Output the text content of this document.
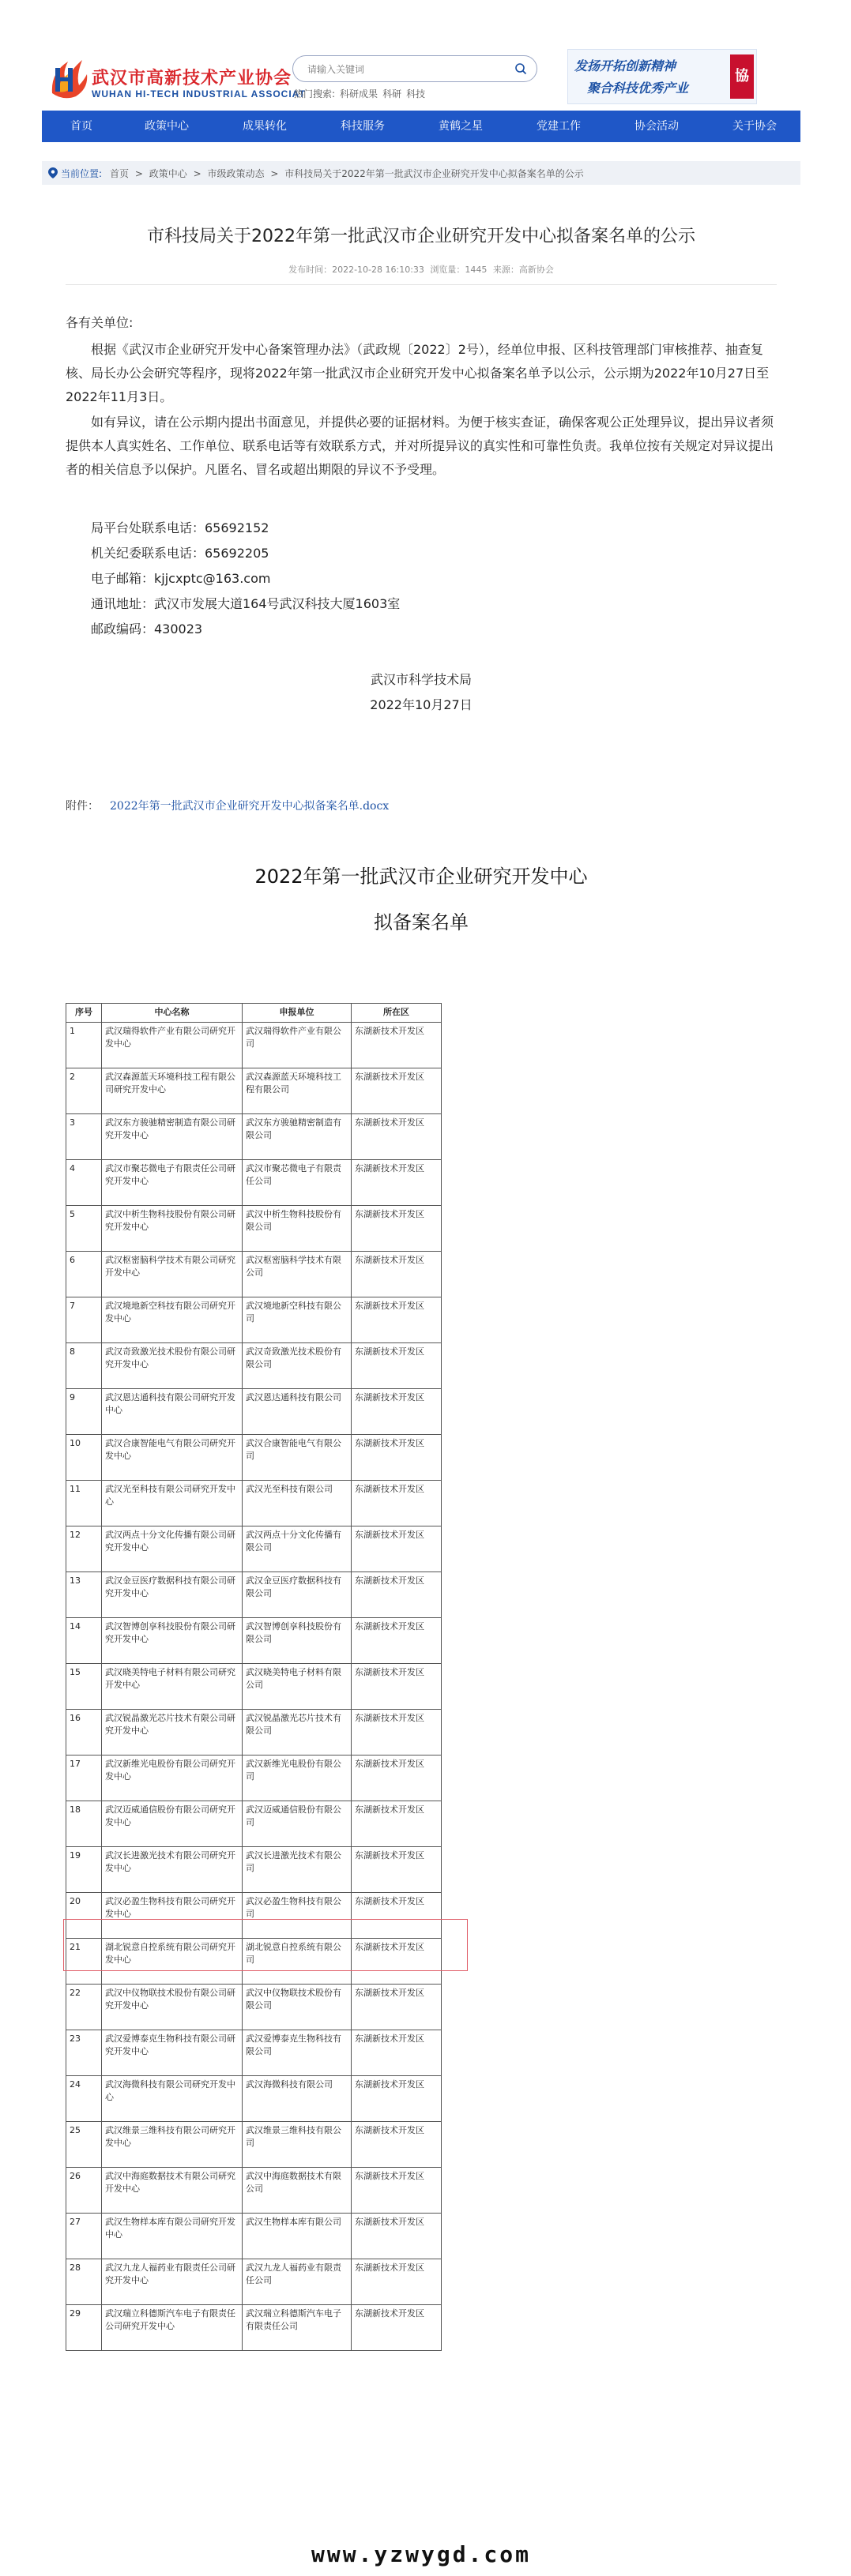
武汉市高新技术产业协会
WUHAN HI-TECH INDUSTRIAL ASSOCIAT
请输入关键词
热门搜索: 科研成果 科研 科技
发扬开拓创新精神
聚合科技优秀产业
協
首页	政策中心	成果转化	科技服务	黄鹤之星	党建工作	协会活动	关于协会
当前位置: 首页 > 政策中心 > 市级政策动态 > 市科技局关于2022年第一批武汉市企业研究开发中心拟备案名单的公示
市科技局关于2022年第一批武汉市企业研究开发中心拟备案名单的公示
发布时间：2022-10-28 16:10:33 浏览量：1445 来源：高新协会
各有关单位:
根据《武汉市企业研究开发中心备案管理办法》（武政规〔2022〕2号），经单位申报、区科技管理部门审核推荐、抽查复核、局长办公会研究等程序，现将2022年第一批武汉市企业研究开发中心拟备案名单予以公示，公示期为2022年10月27日至2022年11月3日。
如有异议，请在公示期内提出书面意见，并提供必要的证据材料。为便于核实查证，确保客观公正处理异议，提出异议者须提供本人真实姓名、工作单位、联系电话等有效联系方式，并对所提异议的真实性和可靠性负责。我单位按有关规定对异议提出者的相关信息予以保护。凡匿名、冒名或超出期限的异议不予受理。
局平台处联系电话：65692152
机关纪委联系电话：65692205
电子邮箱：kjjcxptc@163.com
通讯地址：武汉市发展大道164号武汉科技大厦1603室
邮政编码：430023
武汉市科学技术局
2022年10月27日
附件： 2022年第一批武汉市企业研究开发中心拟备案名单.docx
2022年第一批武汉市企业研究开发中心
拟备案名单
序号	中心名称	申报单位	所在区
1	武汉瑞得软件产业有限公司研究开发中心	武汉瑞得软件产业有限公司	东湖新技术开发区
2	武汉森源蓝天环境科技工程有限公司研究开发中心	武汉森源蓝天环境科技工程有限公司	东湖新技术开发区
3	武汉东方骏驰精密制造有限公司研究开发中心	武汉东方骏驰精密制造有限公司	东湖新技术开发区
4	武汉市聚芯微电子有限责任公司研究开发中心	武汉市聚芯微电子有限责任公司	东湖新技术开发区
5	武汉中析生物科技股份有限公司研究开发中心	武汉中析生物科技股份有限公司	东湖新技术开发区
6	武汉枢密脑科学技术有限公司研究开发中心	武汉枢密脑科学技术有限公司	东湖新技术开发区
7	武汉境地新空科技有限公司研究开发中心	武汉境地新空科技有限公司	东湖新技术开发区
8	武汉奇致激光技术股份有限公司研究开发中心	武汉奇致激光技术股份有限公司	东湖新技术开发区
9	武汉恩达通科技有限公司研究开发中心	武汉恩达通科技有限公司	东湖新技术开发区
10	武汉合康智能电气有限公司研究开发中心	武汉合康智能电气有限公司	东湖新技术开发区
11	武汉光至科技有限公司研究开发中心	武汉光至科技有限公司	东湖新技术开发区
12	武汉两点十分文化传播有限公司研究开发中心	武汉两点十分文化传播有限公司	东湖新技术开发区
13	武汉金豆医疗数据科技有限公司研究开发中心	武汉金豆医疗数据科技有限公司	东湖新技术开发区
14	武汉智博创享科技股份有限公司研究开发中心	武汉智博创享科技股份有限公司	东湖新技术开发区
15	武汉晓美特电子材料有限公司研究开发中心	武汉晓美特电子材料有限公司	东湖新技术开发区
16	武汉锐晶激光芯片技术有限公司研究开发中心	武汉锐晶激光芯片技术有限公司	东湖新技术开发区
17	武汉新维光电股份有限公司研究开发中心	武汉新维光电股份有限公司	东湖新技术开发区
18	武汉迈威通信股份有限公司研究开发中心	武汉迈威通信股份有限公司	东湖新技术开发区
19	武汉长进激光技术有限公司研究开发中心	武汉长进激光技术有限公司	东湖新技术开发区
20	武汉必盈生物科技有限公司研究开发中心	武汉必盈生物科技有限公司	东湖新技术开发区
21	湖北锐意自控系统有限公司研究开发中心	湖北锐意自控系统有限公司	东湖新技术开发区
22	武汉中仪物联技术股份有限公司研究开发中心	武汉中仪物联技术股份有限公司	东湖新技术开发区
23	武汉爱博泰克生物科技有限公司研究开发中心	武汉爱博泰克生物科技有限公司	东湖新技术开发区
24	武汉海微科技有限公司研究开发中心	武汉海微科技有限公司	东湖新技术开发区
25	武汉维景三维科技有限公司研究开发中心	武汉维景三维科技有限公司	东湖新技术开发区
26	武汉中海庭数据技术有限公司研究开发中心	武汉中海庭数据技术有限公司	东湖新技术开发区
27	武汉生物样本库有限公司研究开发中心	武汉生物样本库有限公司	东湖新技术开发区
28	武汉九龙人福药业有限责任公司研究开发中心	武汉九龙人福药业有限责任公司	东湖新技术开发区
29	武汉瑞立科德斯汽车电子有限责任公司研究开发中心	武汉瑞立科德斯汽车电子有限责任公司	东湖新技术开发区
www.yzwygd.com
